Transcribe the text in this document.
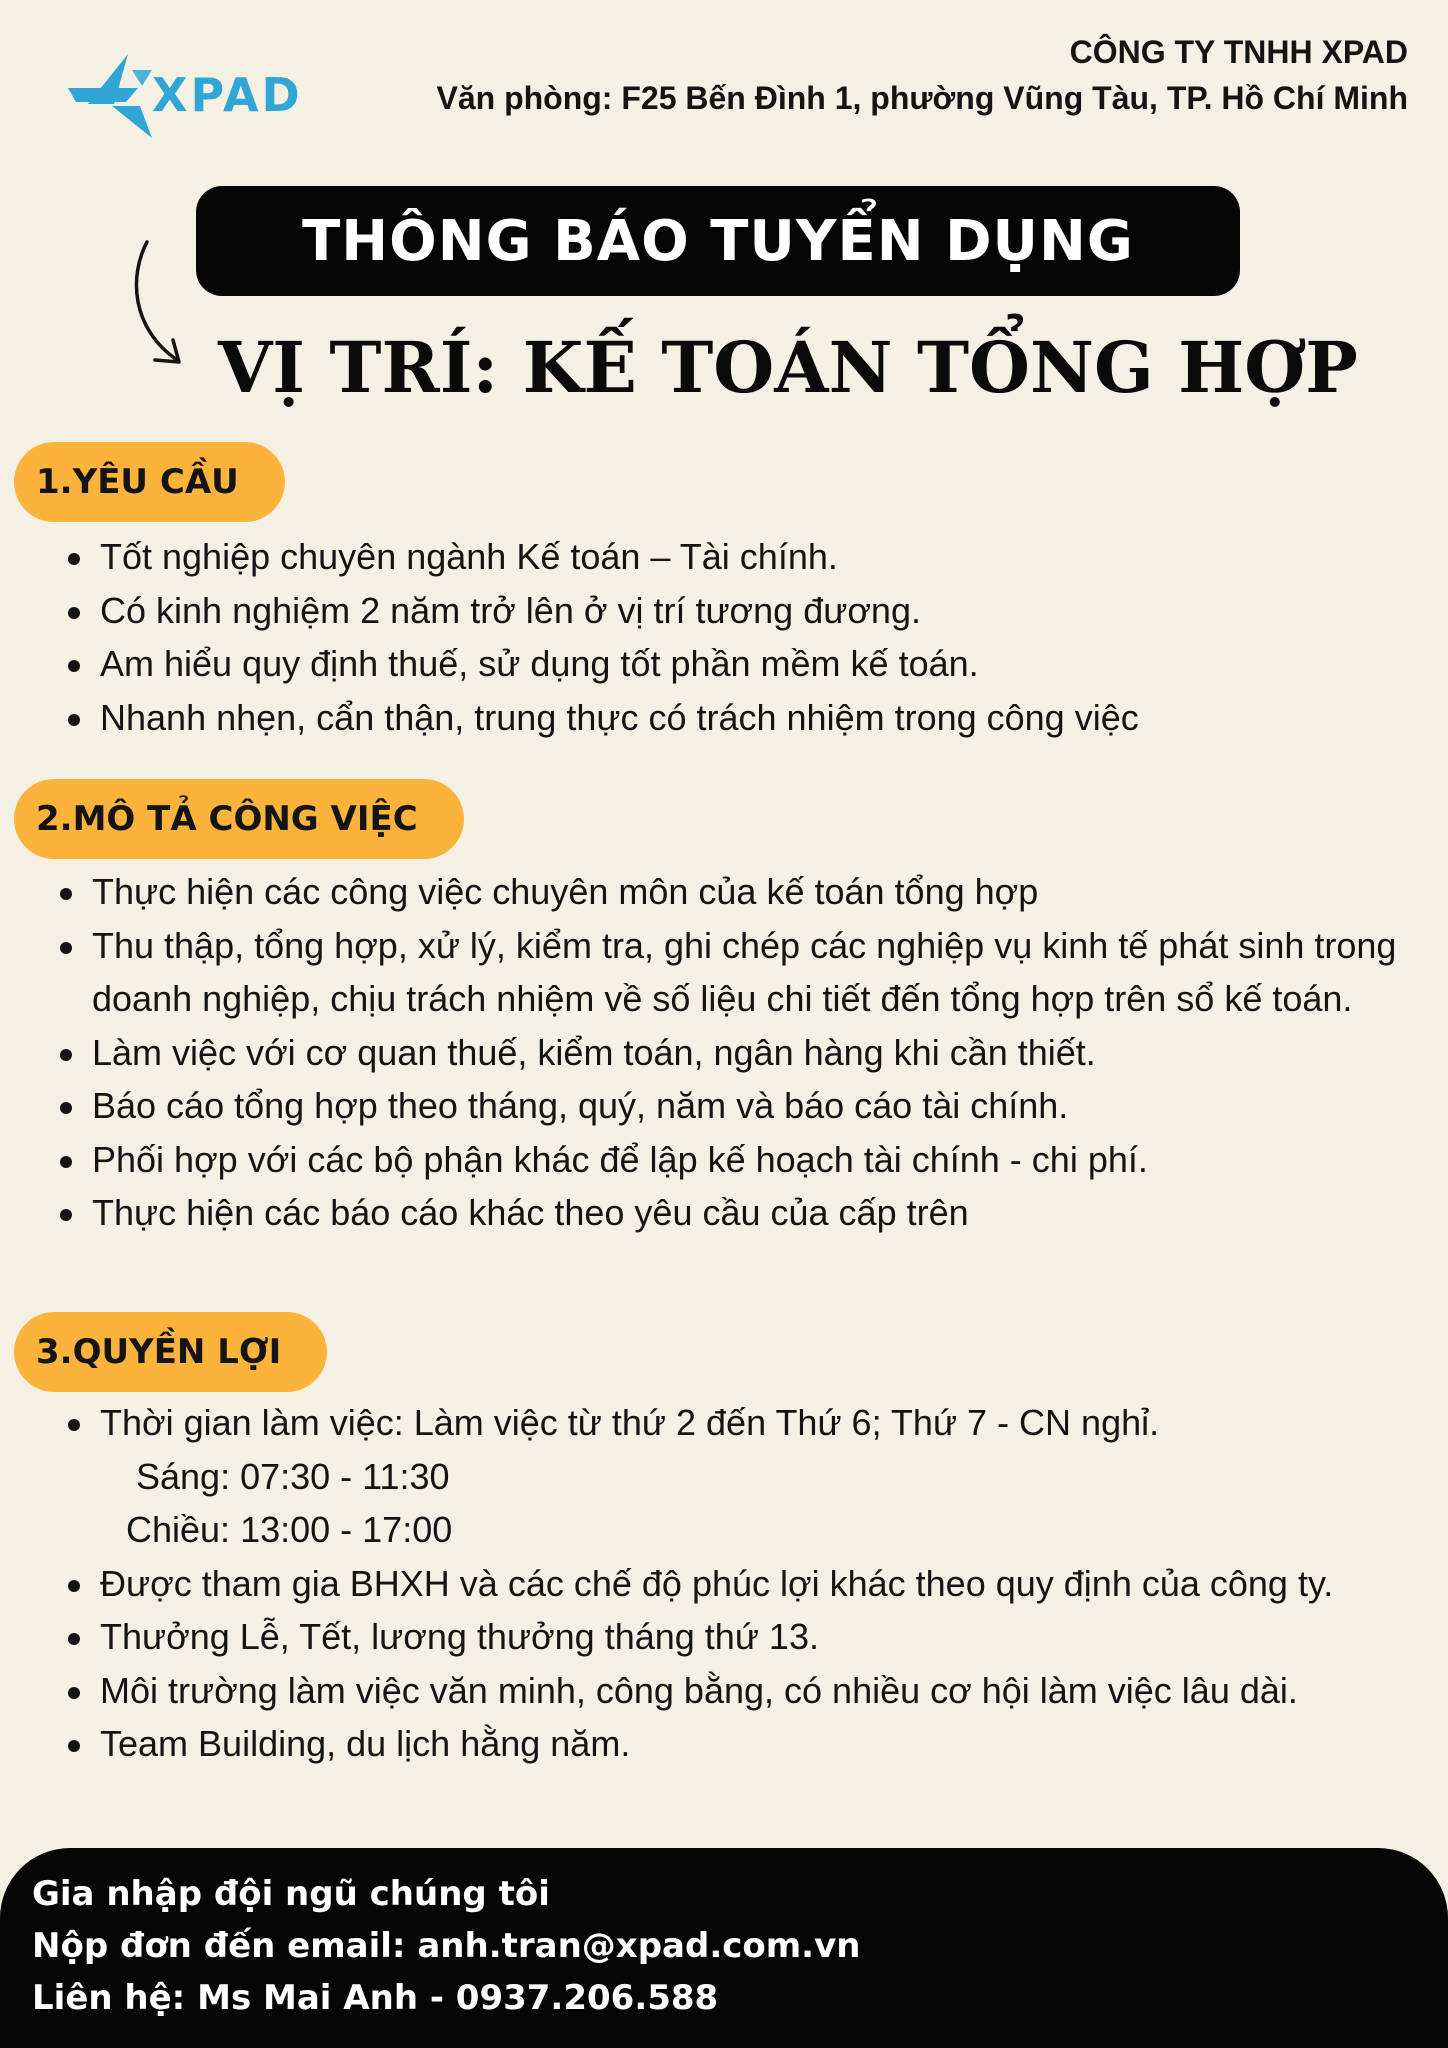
XPAD
CÔNG TY TNHH XPAD
Văn phòng: F25 Bến Đình 1, phường Vũng Tàu, TP. Hồ Chí Minh
THÔNG BÁO TUYỂN DỤNG
VỊ TRÍ: KẾ TOÁN TỔNG HỢP
1.YÊU CẦU
Tốt nghiệp chuyên ngành Kế toán – Tài chính.
Có kinh nghiệm 2 năm trở lên ở vị trí tương đương.
Am hiểu quy định thuế, sử dụng tốt phần mềm kế toán.
Nhanh nhẹn, cẩn thận, trung thực có trách nhiệm trong công việc
2.MÔ TẢ CÔNG VIỆC
Thực hiện các công việc chuyên môn của kế toán tổng hợp
Thu thập, tổng hợp, xử lý, kiểm tra, ghi chép các nghiệp vụ kinh tế phát sinh trong doanh nghiệp, chịu trách nhiệm về số liệu chi tiết đến tổng hợp trên sổ kế toán.
Làm việc với cơ quan thuế, kiểm toán, ngân hàng khi cần thiết.
Báo cáo tổng hợp theo tháng, quý, năm và báo cáo tài chính.
Phối hợp với các bộ phận khác để lập kế hoạch tài chính - chi phí.
Thực hiện các báo cáo khác theo yêu cầu của cấp trên
3.QUYỀN LỢI
Thời gian làm việc: Làm việc từ thứ 2 đến Thứ 6; Thứ 7 - CN nghỉ.
Sáng: 07:30 - 11:30
Chiều: 13:00 - 17:00
Được tham gia BHXH và các chế độ phúc lợi khác theo quy định của công ty.
Thưởng Lễ, Tết, lương thưởng tháng thứ 13.
Môi trường làm việc văn minh, công bằng, có nhiều cơ hội làm việc lâu dài.
Team Building, du lịch hằng năm.
Gia nhập đội ngũ chúng tôi
Nộp đơn đến email: anh.tran@xpad.com.vn
Liên hệ: Ms Mai Anh - 0937.206.588
